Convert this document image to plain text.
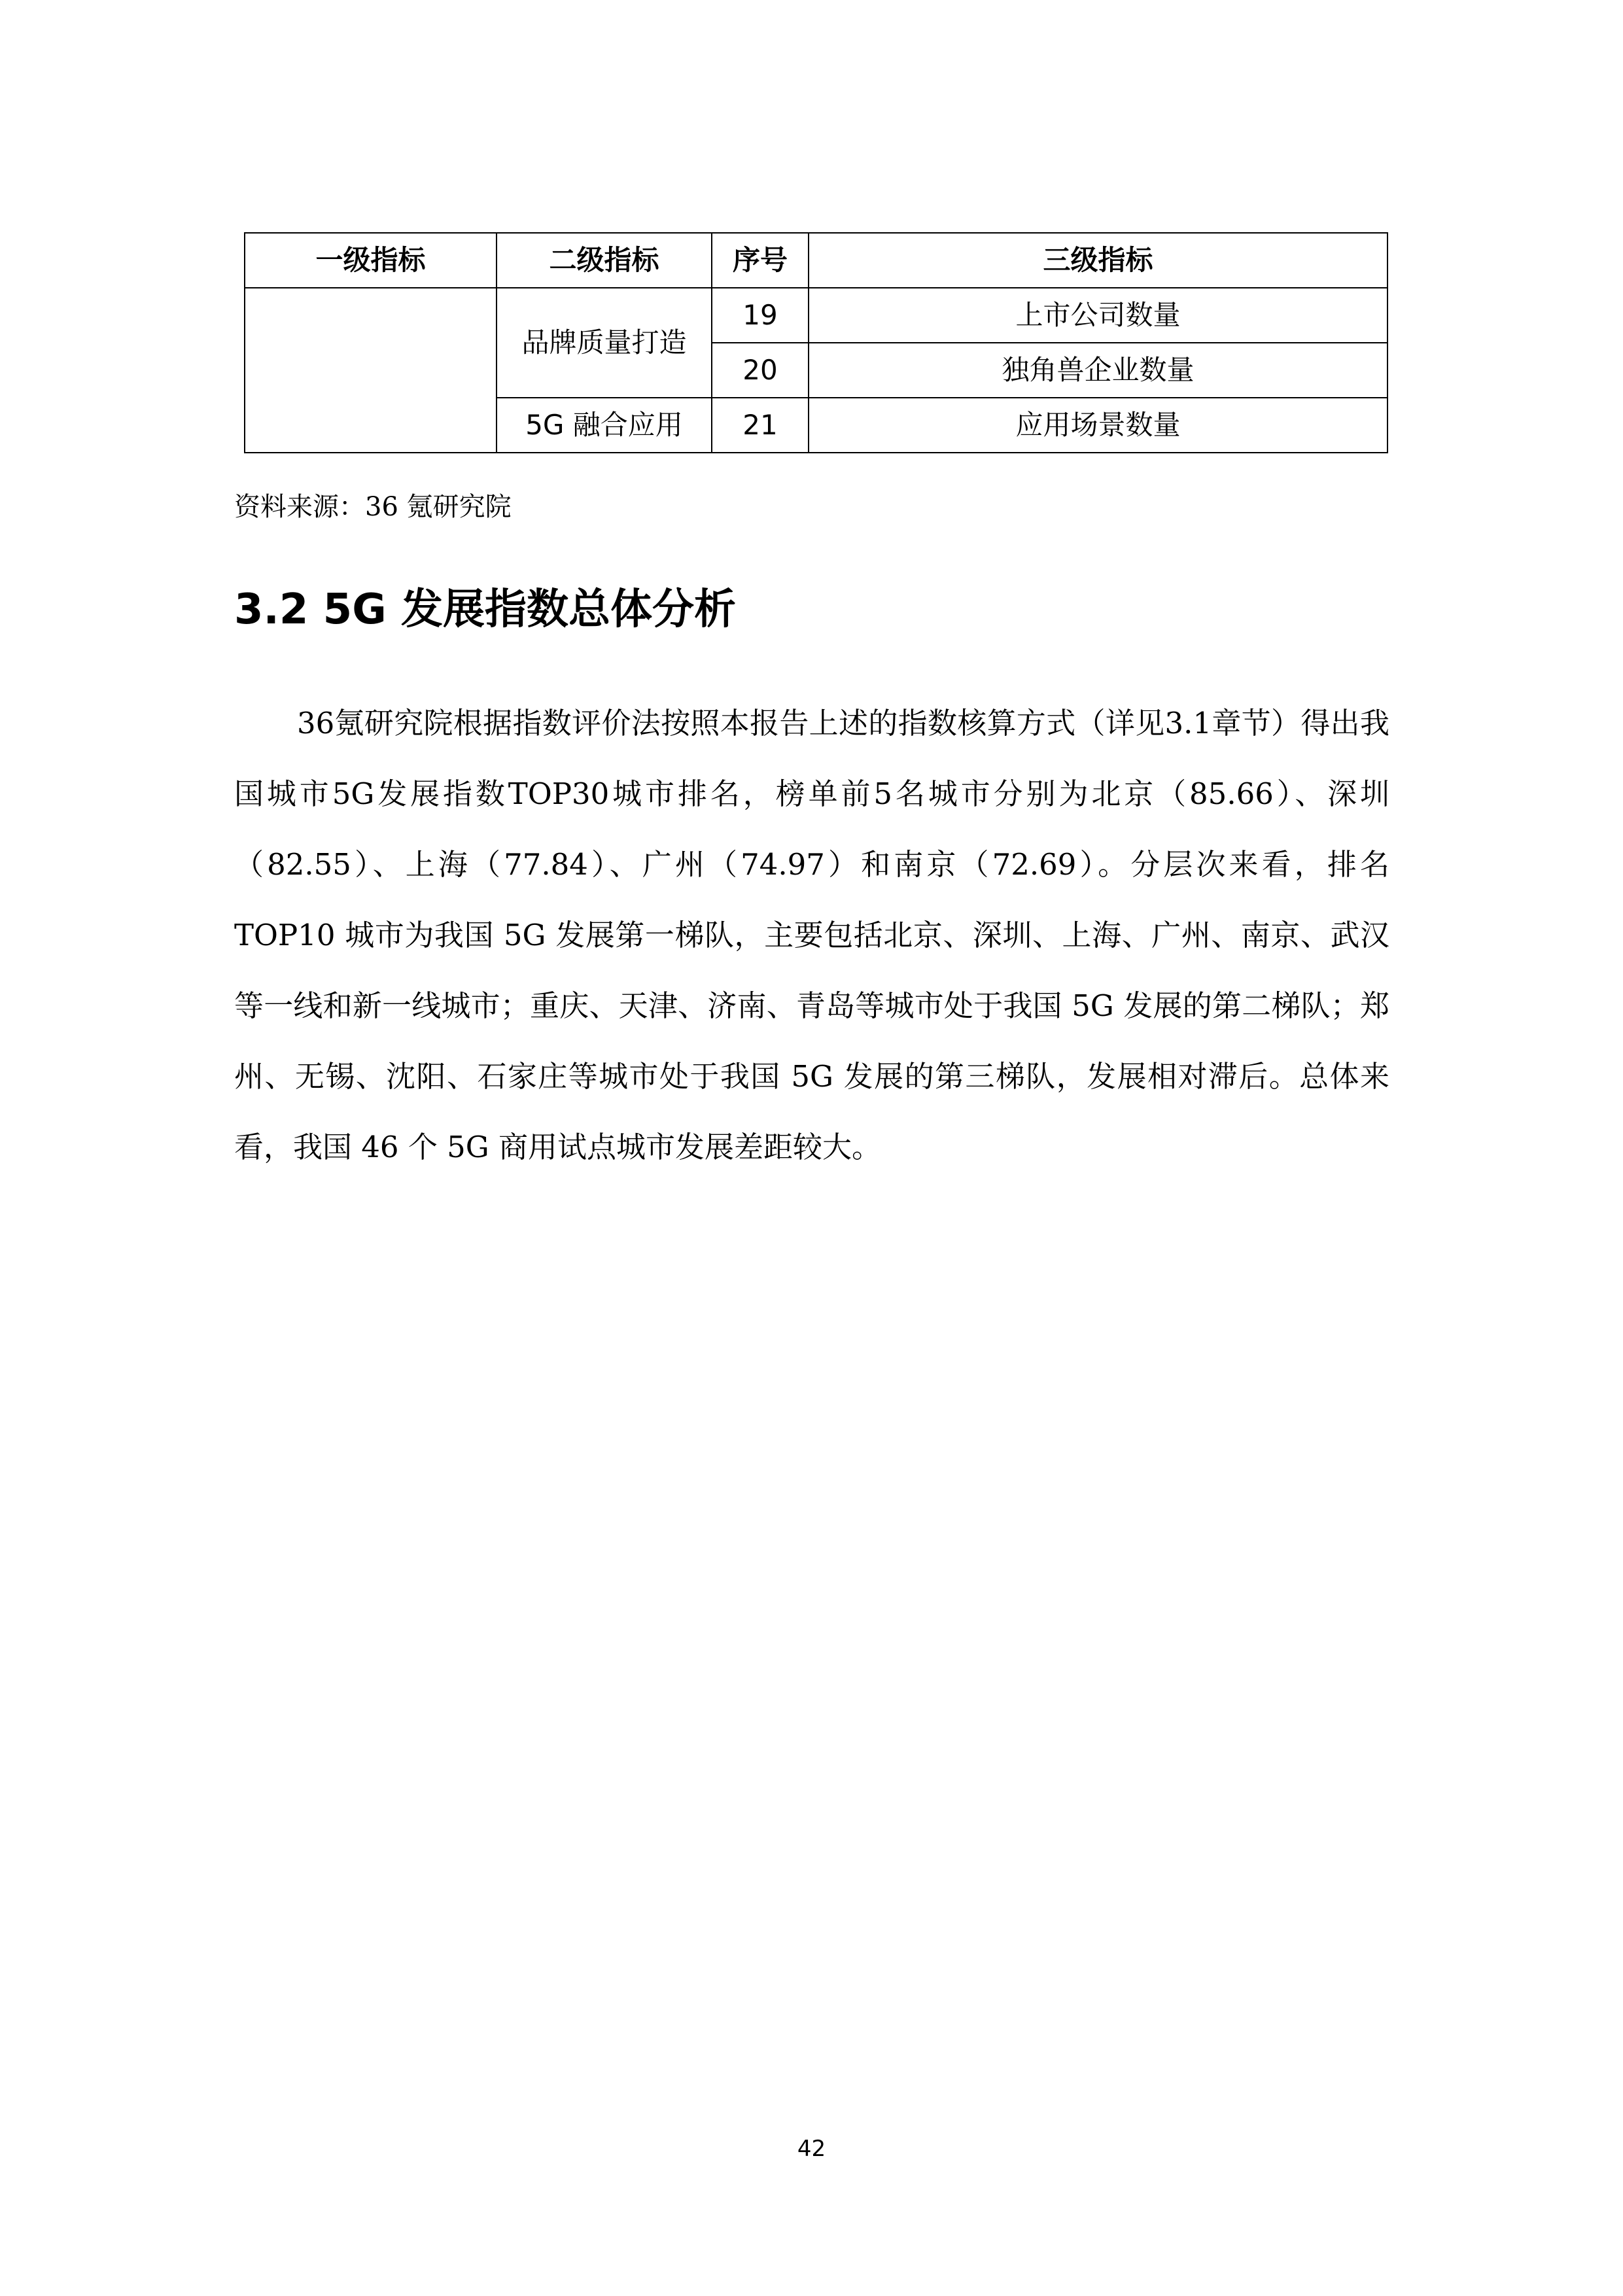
一级指标	二级指标	序号	三级指标
	品牌质量打造	19	上市公司数量
		20	独角兽企业数量
	5G 融合应用	21	应用场景数量
资料来源：36 氪研究院
3.2 5G 发展指数总体分析

36氪研究院根据指数评价法按照本报告上述的指数核算方式（详见3.1章节）得出我国城市5G发展指数TOP30城市排名，榜单前5名城市分别为北京（85.66）、深圳（82.55）、上海（77.84）、广州（74.97）和南京（72.69）。分层次来看，排名 TOP10 城市为我国 5G 发展第一梯队，主要包括北京、深圳、上海、广州、南京、武汉等一线和新一线城市；重庆、天津、济南、青岛等城市处于我国 5G 发展的第二梯队；郑州、无锡、沈阳、石家庄等城市处于我国 5G 发展的第三梯队，发展相对滞后。总体来看，我国 46 个 5G 商用试点城市发展差距较大。

42
